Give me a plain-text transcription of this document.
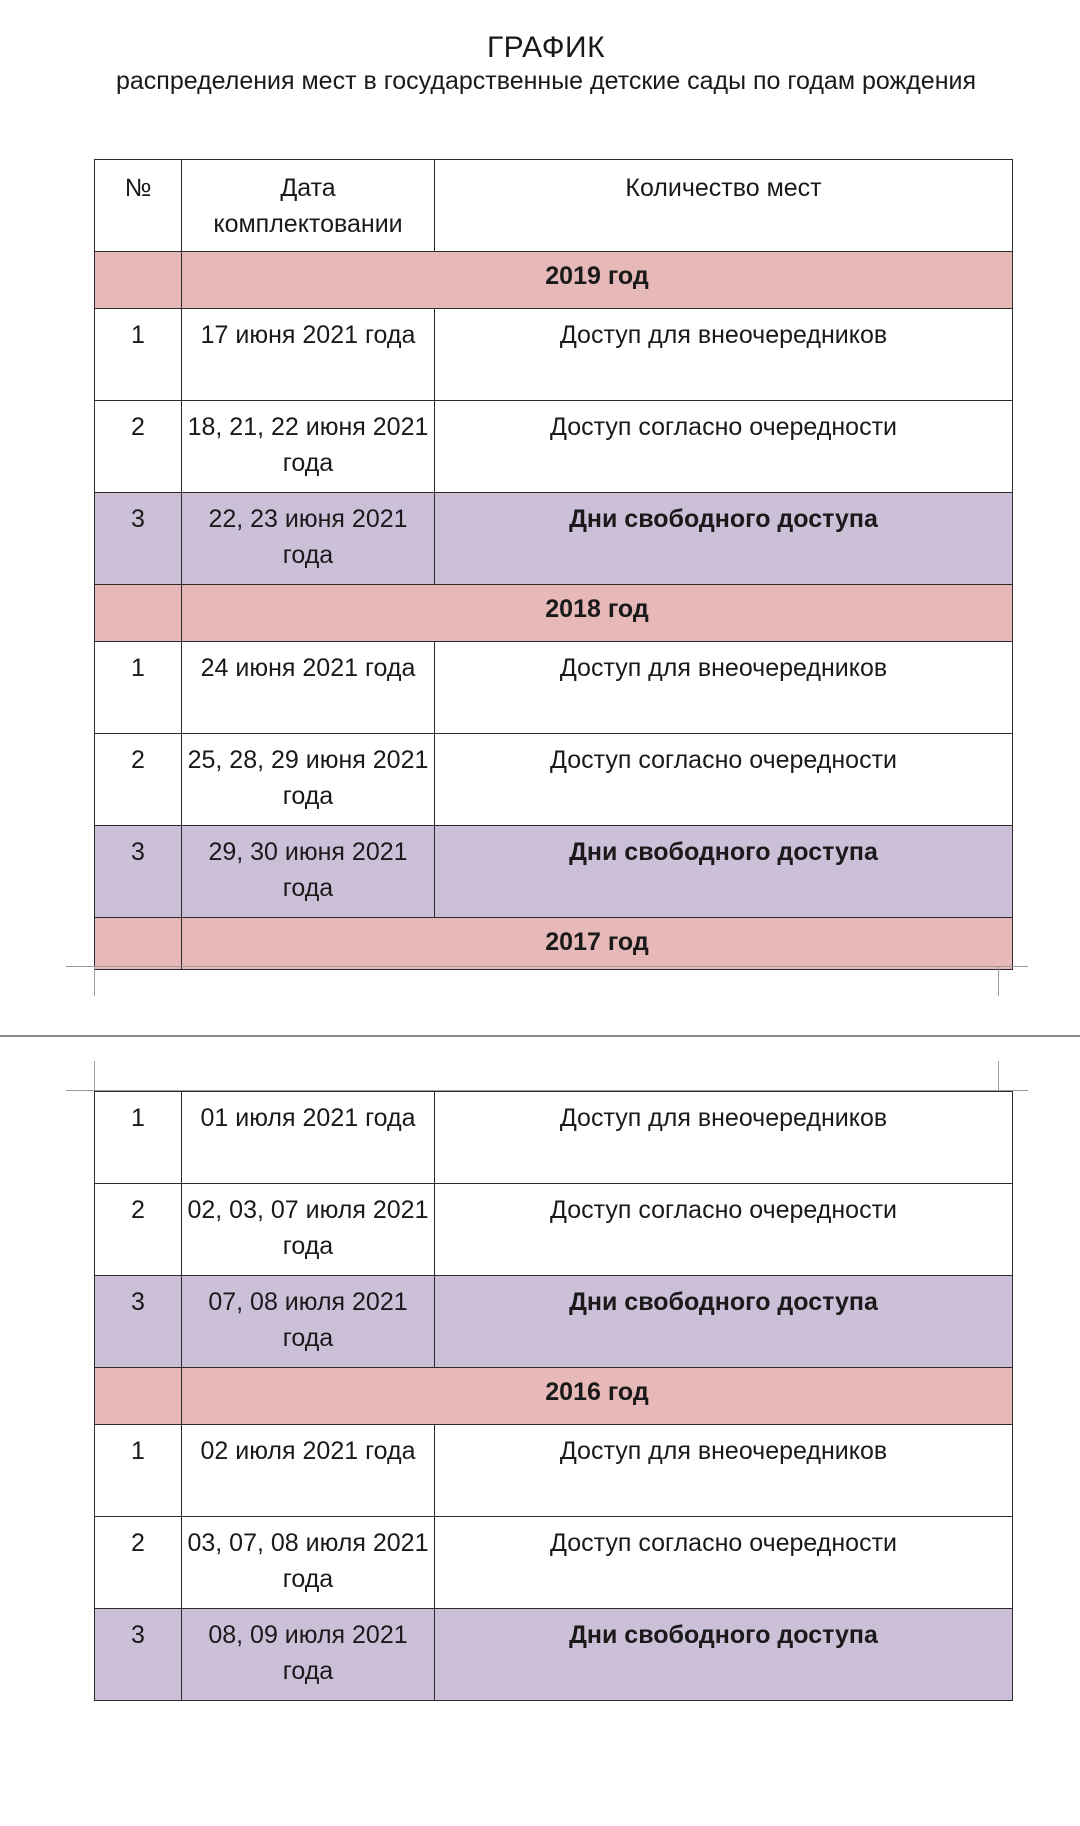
ГРАФИК
распределения мест в государственные детские сады по годам рождения
№	Дата комплектовании	Количество мест
	2019 год	
1	17 июня 2021 года	Доступ для внеочередников
2	18, 21, 22 июня 2021 года	Доступ согласно очередности
3	22, 23 июня 2021 года	Дни свободного доступа
	2018 год	
1	24 июня 2021 года	Доступ для внеочередников
2	25, 28, 29 июня 2021 года	Доступ согласно очередности
3	29, 30 июня 2021 года	Дни свободного доступа
	2017 год	
1	01 июля 2021 года	Доступ для внеочередников
2	02, 03, 07 июля 2021 года	Доступ согласно очередности
3	07, 08 июля 2021 года	Дни свободного доступа
	2016 год	
1	02 июля 2021 года	Доступ для внеочередников
2	03, 07, 08 июля 2021 года	Доступ согласно очередности
3	08, 09 июля 2021 года	Дни свободного доступа
